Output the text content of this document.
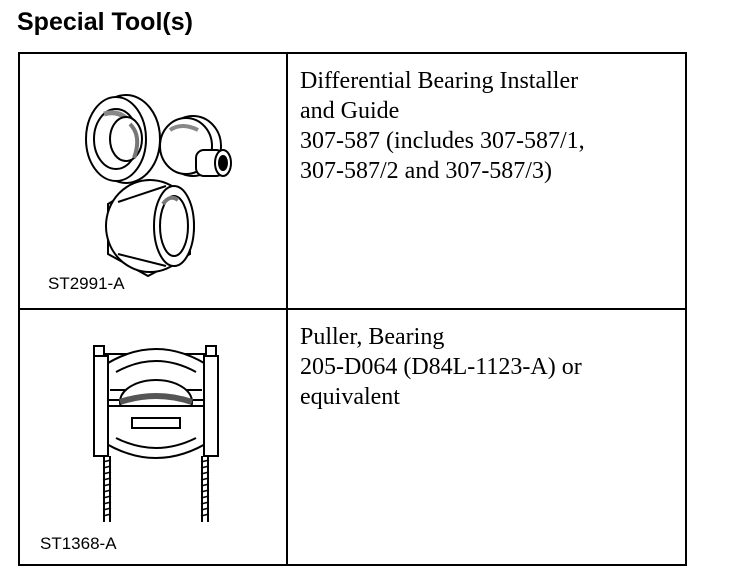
Special Tool(s)
ST2991-A	Differential Bearing Installer
and Guide
307-587 (includes 307-587/1,
307-587/2 and 307-587/3)

ST1368-A	Puller, Bearing
205-D064 (D84L-1123-A) or
equivalent
